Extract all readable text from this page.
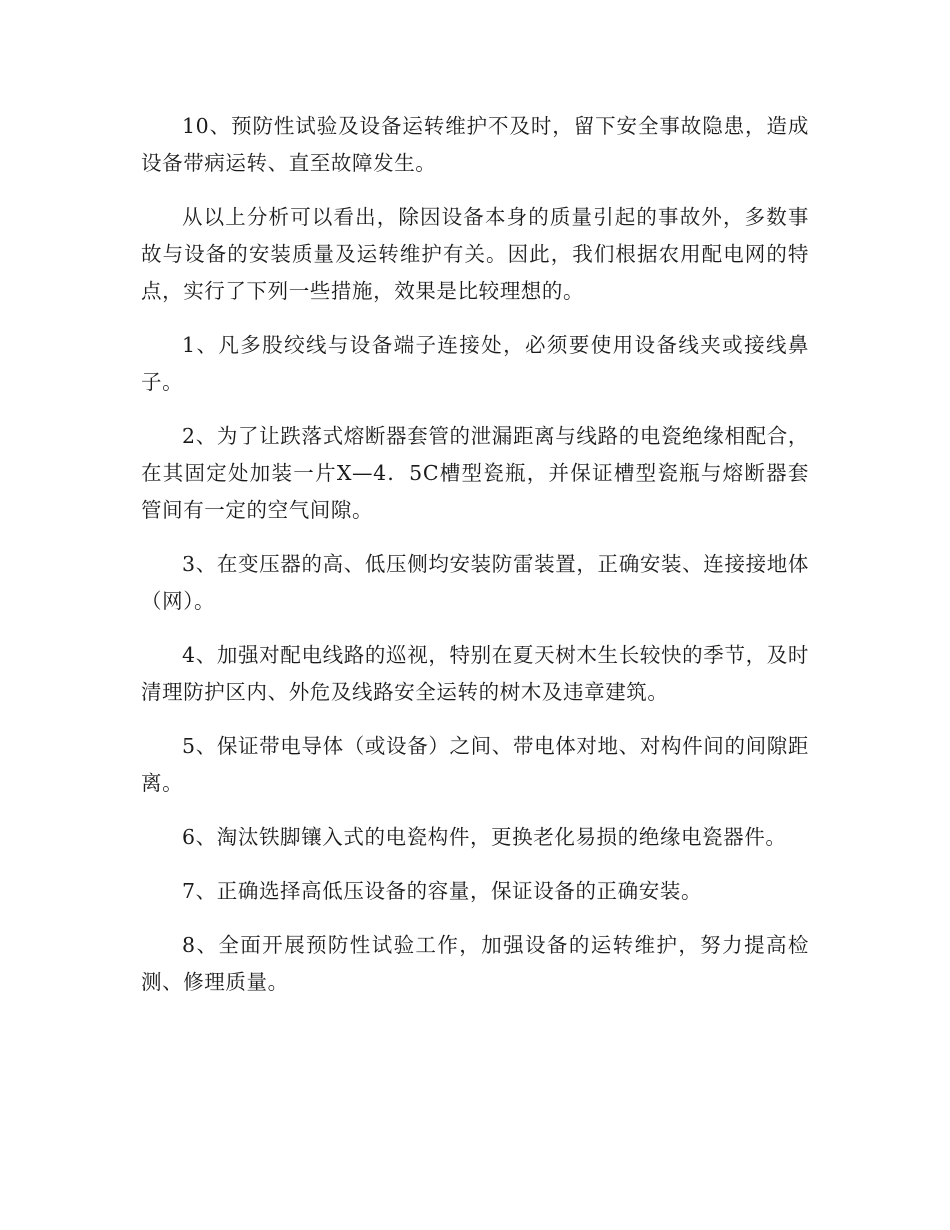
10、预防性试验及设备运转维护不及时，留下安全事故隐患，造成设备带病运转、直至故障发生。

从以上分析可以看出，除因设备本身的质量引起的事故外，多数事故与设备的安装质量及运转维护有关。因此，我们根据农用配电网的特点，实行了下列一些措施，效果是比较理想的。

1、凡多股绞线与设备端子连接处，必须要使用设备线夹或接线鼻子。

2、为了让跌落式熔断器套管的泄漏距离与线路的电瓷绝缘相配合，在其固定处加装一片X—4．5C槽型瓷瓶，并保证槽型瓷瓶与熔断器套管间有一定的空气间隙。

3、在变压器的高、低压侧均安装防雷装置，正确安装、连接接地体（网）。

4、加强对配电线路的巡视，特别在夏天树木生长较快的季节，及时清理防护区内、外危及线路安全运转的树木及违章建筑。

5、保证带电导体（或设备）之间、带电体对地、对构件间的间隙距离。

6、淘汰铁脚镶入式的电瓷构件，更换老化易损的绝缘电瓷器件。

7、正确选择高低压设备的容量，保证设备的正确安装。

8、全面开展预防性试验工作，加强设备的运转维护，努力提高检测、修理质量。
